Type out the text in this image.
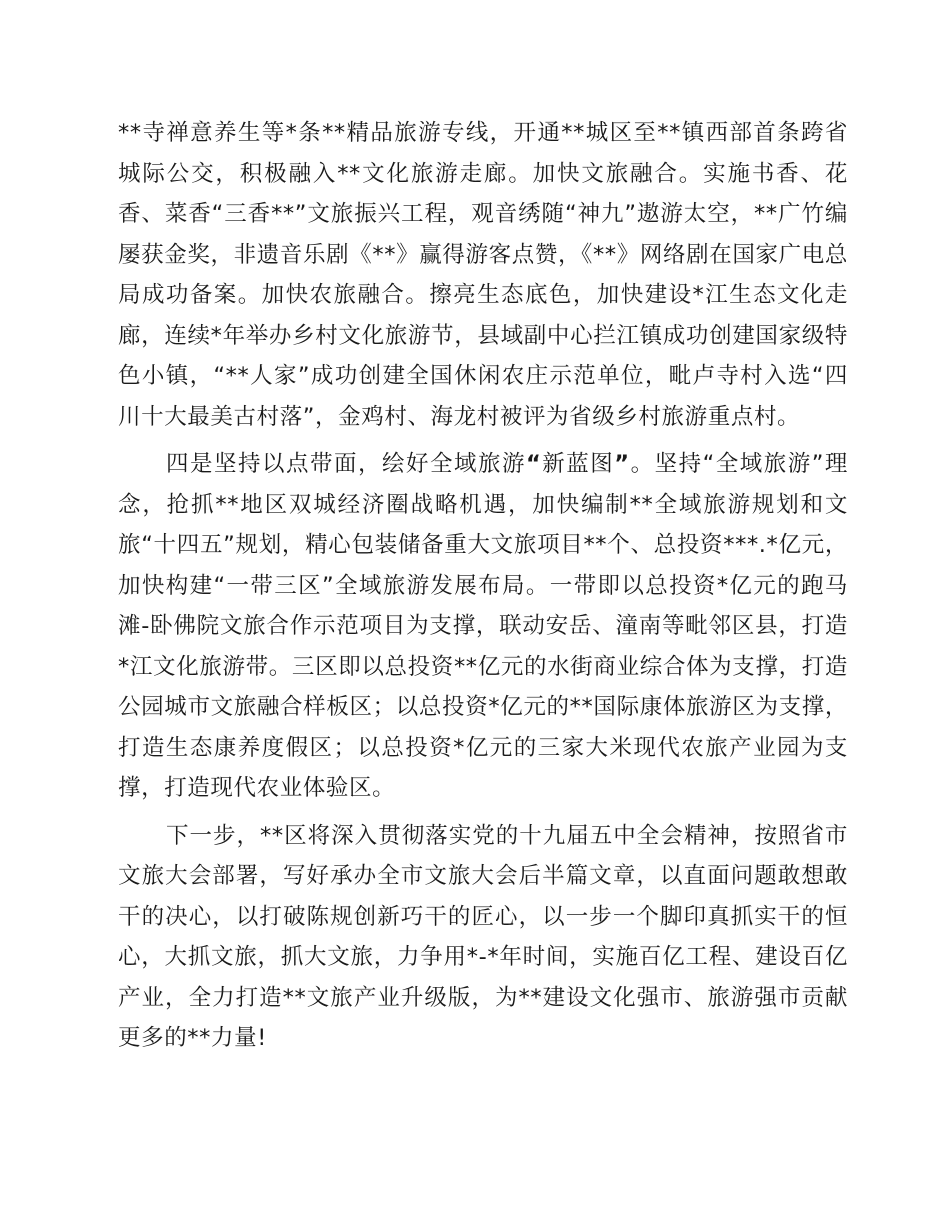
**寺禅意养生等*条**精品旅游专线，开通**城区至**镇西部首条跨省城际公交，积极融入**文化旅游走廊。加快文旅融合。实施书香、花香、菜香“三香**”文旅振兴工程，观音绣随“神九”遨游太空，**广竹编屡获金奖，非遗音乐剧《**》赢得游客点赞，《**》网络剧在国家广电总局成功备案。加快农旅融合。擦亮生态底色，加快建设*江生态文化走廊，连续*年举办乡村文化旅游节，县域副中心拦江镇成功创建国家级特色小镇，“**人家”成功创建全国休闲农庄示范单位，毗卢寺村入选“四川十大最美古村落”，金鸡村、海龙村被评为省级乡村旅游重点村。

四是坚持以点带面，绘好全域旅游“新蓝图”。坚持“全域旅游”理念，抢抓**地区双城经济圈战略机遇，加快编制**全域旅游规划和文旅“十四五”规划，精心包装储备重大文旅项目**个、总投资***.*亿元，加快构建“一带三区”全域旅游发展布局。一带即以总投资*亿元的跑马滩-卧佛院文旅合作示范项目为支撑，联动安岳、潼南等毗邻区县，打造*江文化旅游带。三区即以总投资**亿元的水街商业综合体为支撑，打造公园城市文旅融合样板区；以总投资*亿元的**国际康体旅游区为支撑，打造生态康养度假区；以总投资*亿元的三家大米现代农旅产业园为支撑，打造现代农业体验区。

下一步，**区将深入贯彻落实党的十九届五中全会精神，按照省市文旅大会部署，写好承办全市文旅大会后半篇文章，以直面问题敢想敢干的决心，以打破陈规创新巧干的匠心，以一步一个脚印真抓实干的恒心，大抓文旅，抓大文旅，力争用*-*年时间，实施百亿工程、建设百亿产业，全力打造**文旅产业升级版，为**建设文化强市、旅游强市贡献更多的**力量!
